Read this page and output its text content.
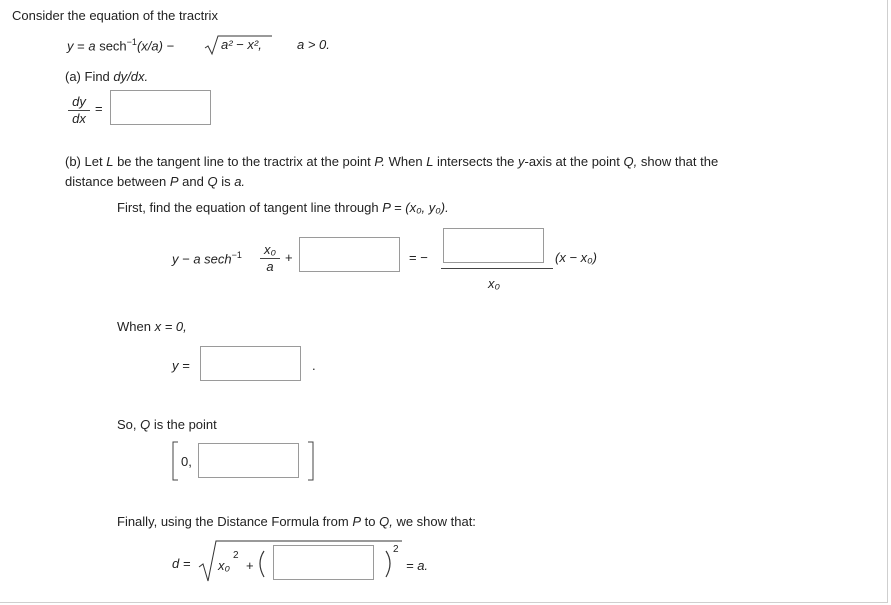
Consider the equation of the tractrix
y = a sech$^{-1}$(x/a) −	a² − x²,	a > 0.
(a) Find dy/dx.
dy
dx
=
(b) Let L be the tangent line to the tractrix at the point P. When L intersects the y-axis at the point Q, show that the
distance between P and Q is a.
First, find the equation of tangent line through P = (x₀, y₀).
y − a sech$^{-1}$	x₀
a
+	= −
x₀
(x − x₀)
When x = 0,
y =	.
So, Q is the point
0,
Finally, using the Distance Formula from P to Q, we show that:
d = x₀
2
+
2
= a.
